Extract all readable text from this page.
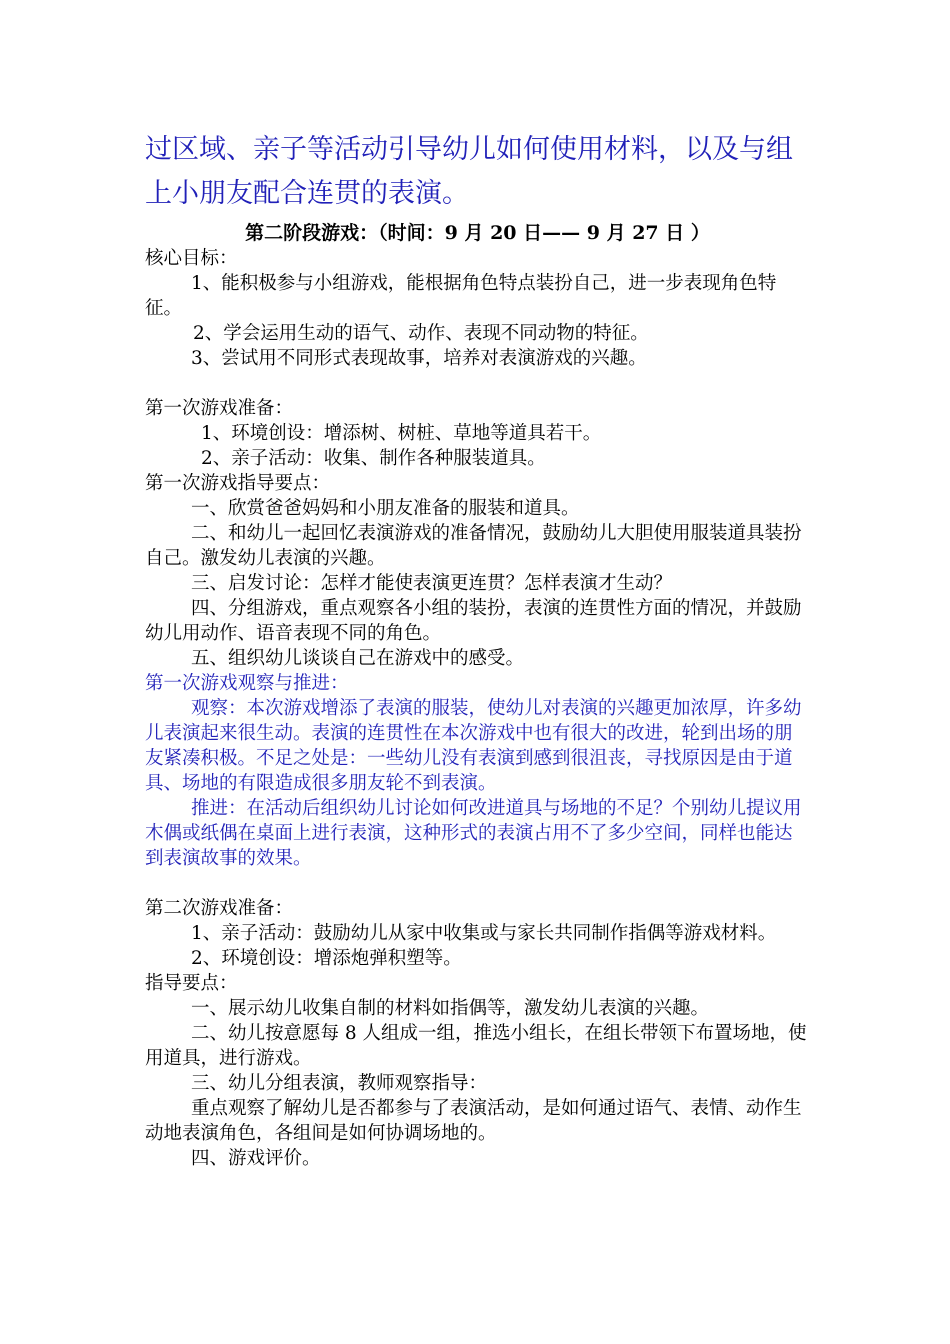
过区域、亲子等活动引导幼儿如何使用材料，以及与组上小朋友配合连贯的表演。

第二阶段游戏：（时间：9 月 20 日—— 9 月 27 日 ）

核心目标：

1、能积极参与小组游戏，能根据角色特点装扮自己，进一步表现角色特征。

2、学会运用生动的语气、动作、表现不同动物的特征。

3、尝试用不同形式表现故事，培养对表演游戏的兴趣。

第一次游戏准备：

1、环境创设：增添树、树桩、草地等道具若干。

2、亲子活动：收集、制作各种服装道具。

第一次游戏指导要点：

一、欣赏爸爸妈妈和小朋友准备的服装和道具。

二、和幼儿一起回忆表演游戏的准备情况，鼓励幼儿大胆使用服装道具装扮自己。激发幼儿表演的兴趣。

三、启发讨论：怎样才能使表演更连贯？怎样表演才生动？

四、分组游戏，重点观察各小组的装扮，表演的连贯性方面的情况，并鼓励幼儿用动作、语音表现不同的角色。

五、组织幼儿谈谈自己在游戏中的感受。

第一次游戏观察与推进：

观察：本次游戏增添了表演的服装，使幼儿对表演的兴趣更加浓厚，许多幼儿表演起来很生动。表演的连贯性在本次游戏中也有很大的改进，轮到出场的朋友紧凑积极。不足之处是：一些幼儿没有表演到感到很沮丧，寻找原因是由于道具、场地的有限造成很多朋友轮不到表演。

推进：在活动后组织幼儿讨论如何改进道具与场地的不足？个别幼儿提议用木偶或纸偶在桌面上进行表演，这种形式的表演占用不了多少空间，同样也能达到表演故事的效果。

第二次游戏准备：

1、亲子活动：鼓励幼儿从家中收集或与家长共同制作指偶等游戏材料。

2、环境创设：增添炮弹积塑等。

指导要点：

一、展示幼儿收集自制的材料如指偶等，激发幼儿表演的兴趣。

二、幼儿按意愿每 8 人组成一组，推选小组长，在组长带领下布置场地，使用道具，进行游戏。

三、幼儿分组表演，教师观察指导：

重点观察了解幼儿是否都参与了表演活动，是如何通过语气、表情、动作生动地表演角色，各组间是如何协调场地的。

四、游戏评价。
